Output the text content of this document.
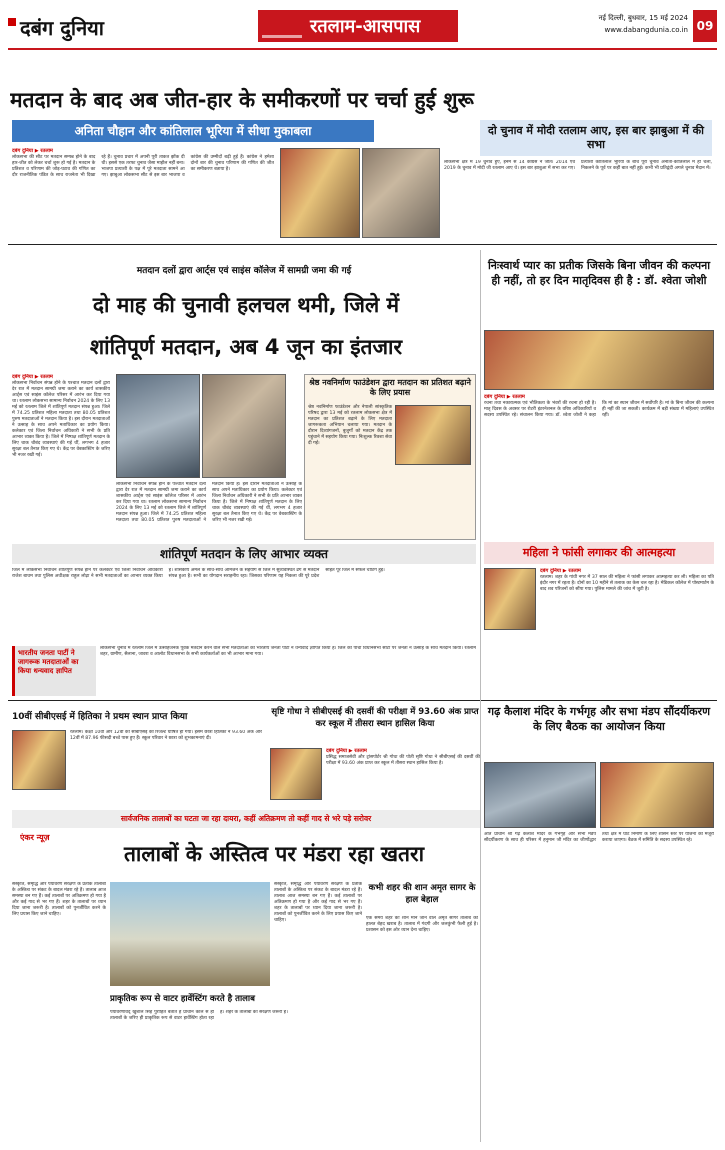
दबंग दुनिया	रतलाम-आसपास	नई दिल्ली, बुधवार, 15 मई 2024
www.dabangdunia.co.in 09
मतदान के बाद अब जीत-हार के समीकरणों पर चर्चा हुई शुरू
अनिता चौहान और कांतिलाल भूरिया में सीधा मुकाबला
दबंग दुनिया ▶ रतलाम
लोकसभा की सीट पर मतदान सम्पन्न होने के बाद हार-जीत को लेकर चर्चा शुरू हो गई है। मतदान के प्रतिशत व परिणाम की जोड़-घटाव की गणित का दौर राजनीतिक पंडित के साथ राजनेता भी दिखा रहे हैं। चुनाव प्रचार में अपनी पूरी ताकत झोंक दी थी। इससे एक तरफा चुनाव जैसा माहौल नहीं बना। भाजपा प्रत्याशी के पक्ष में पूरे मतदाता सामने आ गए। झाबुआ लोकसभा सीट से इस बार भाजपा व कांग्रेस की उम्मीदों बढ़ी हुई हैं। कांग्रेस ने हमेशा दोनों बार की चुनाव परिणाम की गणित की जीत का समीकरण बताया है।
दो चुनाव में मोदी रतलाम आए, इस बार झाबुआ में की सभा
लोकसभा क्षेत्र में 19 चुनाव हुए, इनमें से 14 कांग्रेस ने जीते। 2014 एवं 2019 के चुनाव में मोदी जी रतलाम आए थे। इस बार झाबुआ में सभा कर गए। प्रत्याशी कांतिलाल भूरिया के बीच पूरा चुनाव अनीता-कांतिलाल में ही चला, निकलने के पूर्व पर कहीं बात नहीं हुई। कभी भी प्रतिद्वंदी अगले चुनाव मैदान में।
मतदान दलों द्वारा आर्ट्स एवं साइंस कॉलेज में सामग्री जमा की गई
दो माह की चुनावी हलचल थमी, जिले में
शांतिपूर्ण मतदान, अब 4 जून का इंतजार
दबंग दुनिया ▶ रतलाम
लोकसभा निर्वाचन संपन्न होने के पश्चात मतदान दलों द्वारा देर रात में मतदान सामग्री जमा कराने का कार्य शासकीय आर्ट्स एवं साइंस कॉलेज परिसर में आरंभ कर दिया गया था। रतलाम लोकसभा सामान्य निर्वाचन 2024 के लिए 13 मई को रतलाम जिले में शांतिपूर्ण मतदान संपन्न हुआ। जिले में 74.25 प्रतिशत महिला मतदाता तथा 80.05 प्रतिशत पुरुष मतदाताओं ने मतदान किया है। इस दौरान मतदाताओं ने उत्साह के साथ अपने मताधिकार का प्रयोग किया। कलेक्टर एवं जिला निर्वाचन अधिकारी ने सभी के प्रति आभार व्यक्त किया है। जिले में निष्पक्ष शांतिपूर्ण मतदान के लिए चाक चौबंद व्यवस्थाएं की गई थीं, लगभग 4 हजार सुरक्षा बल तैनात किए गए थे। केंद्र पर वेबकास्टिंग के जरिए भी नजर रखी गई।
लोकसभा निर्वाचन संपन्न होने के पश्चात मतदान दलों द्वारा देर रात में मतदान सामग्री जमा कराने का कार्य शासकीय आर्ट्स एवं साइंस कॉलेज परिसर में आरंभ कर दिया गया था। रतलाम लोकसभा सामान्य निर्वाचन 2024 के लिए 13 मई को रतलाम जिले में शांतिपूर्ण मतदान संपन्न हुआ। जिले में 74.25 प्रतिशत महिला मतदाता तथा 80.05 प्रतिशत पुरुष मतदाताओं ने मतदान किया है। इस दौरान मतदाताओं ने उत्साह के साथ अपने मताधिकार का प्रयोग किया। कलेक्टर एवं जिला निर्वाचन अधिकारी ने सभी के प्रति आभार व्यक्त किया है। जिले में निष्पक्ष शांतिपूर्ण मतदान के लिए चाक चौबंद व्यवस्थाएं की गई थीं, लगभग 4 हजार सुरक्षा बल तैनात किए गए थे। केंद्र पर वेबकास्टिंग के जरिए भी नजर रखी गई।
श्रेष्ठ नवनिर्माण फाउंडेशन द्वारा मतदान का प्रतिशत बढ़ाने के लिए प्रयास
श्रेष्ठ नवनिर्माण फाउंडेशन और नेपाली सांस्कृतिक परिषद द्वारा 13 मई को रतलाम लोकसभा क्षेत्र में मतदान का प्रतिशत बढ़ाने के लिए मतदाता जागरूकता अभियान चलाया गया। मतदान के दौरान दिव्यांगजनों, बुजुर्गों को मतदान केंद्र तक पहुंचाने में सहयोग किया गया। निःशुल्क रिक्शा सेवा दी गई।
शांतिपूर्ण मतदान के लिए आभार व्यक्त
जिले में लोकसभा निर्वाचन शांतिपूर्ण संपन्न होने पर कलेक्टर एवं जिला निर्वाचन अधिकारी राजेश बाथम तथा पुलिस अधीक्षक राहुल लोढ़ा ने सभी मतदाताओं का आभार व्यक्त किया है। शासकीय अमले के साथ-साथ आमजन के सहयोग से जिले में सुव्यवस्थित ढंग से मतदान संपन्न हुआ है। सभी का योगदान सराहनीय रहा। जिसका परिणाम यह निकला की पूरे प्रदेश सहित पूरे जिले में सफल चोटिंग हुई।
भारतीय जनता पार्टी ने जागरूक मतदाताओं का किया धन्यवाद ज्ञापित
लोकसभा चुनाव में रतलाम जिले में उत्साहजनक पूर्वक मतदान करने वाले सभी मतदाताओं को भारतीय जनता पार्टी ने धन्यवाद ज्ञापित किया है। जिले की पांचों विधानसभा सीटों पर जनता ने उत्साह के साथ मतदान किया। रतलाम शहर, ग्रामीण, सैलाना, जावरा व आलोट विधानसभा के सभी कार्यकर्ताओं का भी आभार माना गया।
निःस्वार्थ प्यार का प्रतीक जिसके बिना जीवन की कल्पना ही नहीं, तो हर दिन मातृदिवस ही है : डॉ. श्वेता जोशी
दबंग दुनिया ▶ रतलाम
रचना तथा नकारात्मक एवं भौतिकता के भंवरों की रचना हो रही है। मातृ दिवस के अवसर पर रोटरी इंटरनेशनल के वरिष्ठ अधिकारियों व सदस्य उपस्थित रहे। संचालन किया गया। डॉ. श्वेता जोशी ने कहा कि मां का स्थान जीवन में सर्वोपरि है। मां के बिना जीवन की कल्पना ही नहीं की जा सकती। कार्यक्रम में बड़ी संख्या में महिलाएं उपस्थित रहीं।
महिला ने फांसी लगाकर की आत्महत्या
दबंग दुनिया ▶ रतलाम
रतलाम। शहर के गांधी नगर में 37 साल की महिला ने फांसी लगाकर आत्महत्या कर ली। महिला का पति इंदौर नगर में रहता है। दोनों का 10 महीने से तलाक का केस चल रहा है। मेडिकल कॉलेज में पोस्टमार्टम के बाद शव परिजनों को सौंपा गया। पुलिस मामले की जांच में जुटी है।
10वीं सीबीएसई में हितिका ने प्रथम स्थान प्राप्त किया
रतलाम। कक्षा 10वीं और 12वीं की सीबीएसई की रिजल्ट घोषित हो गया। इसमें छात्रा हितिका ने 93.60 अंक और 12वीं में 87.96 फीसदी बच्चे पास हुए हैं। स्कूल परिवार ने छात्रा को शुभकामनाएं दी।
सृष्टि गोधा ने सीबीएसई की दसवीं की परीक्षा में 93.60 अंक प्राप्त कर स्कूल में तीसरा स्थान हासिल किया
दबंग दुनिया ▶ रतलाम
प्रसिद्ध समाजसेवी और ट्रांसपोर्टर श्री गोधा की पोती सृष्टि गोधा ने सीबीएसई की दसवीं की परीक्षा में 93.60 अंक प्राप्त कर स्कूल में तीसरा स्थान हासिल किया है।
गढ़ कैलाश मंदिर के गर्भगृह और सभा मंडप सौंदर्यीकरण के लिए बैठक का आयोजन किया
अति प्राचीन श्री गढ़ कैलाश मंदिर के गर्भगृह और सभा मंडप सौंदर्यीकरण के साथ ही परिसर में हनुमान जी मंदिर का जीर्णोद्धार तथा क्षेत्र में घाट निर्माण के लिए शासन स्तर पर योजना को मंजूरी कराया जाएगा। बैठक में समिति के सदस्य उपस्थित रहे।
सार्वजनिक तालाबों का घटता जा रहा दायरा, कहीं अतिक्रमण तो कहीं गाद से भरे पड़े सरोवर
एंकर न्यूज़
तालाबों के अस्तित्व पर मंडरा रहा खतरा
संस्कृति, समृद्धि और पर्यावरण संरक्षण के प्रतीक तालाबों के अस्तित्व पर संकट के बादल मंडरा रहे हैं। तालाब आज समस्या बन गए हैं। कई तालाबों पर अतिक्रमण हो गया है और कई गाद से भर गए हैं। शहर के तालाबों पर ध्यान दिया जाना जरूरी है। तालाबों को पुनर्जीवित करने के लिए प्रयास किए जाने चाहिए।
प्राकृतिक रूप से वाटर हार्वेस्टिंग करते है तालाब
पर्यावरणविद् खुशाल सिंह पुरोहित बताते हैं प्राचीन काल से ही तालाबों के जरिए ही प्राकृतिक रूप से वाटर हार्वेस्टिंग होता रहा है। शहर के तालाबों का संरक्षण जरूरी है।
संस्कृति, समृद्धि और पर्यावरण संरक्षण के प्रतीक तालाबों के अस्तित्व पर संकट के बादल मंडरा रहे हैं। तालाब आज समस्या बन गए हैं। कई तालाबों पर अतिक्रमण हो गया है और कई गाद से भर गए हैं। शहर के तालाबों पर ध्यान दिया जाना जरूरी है। तालाबों को पुनर्जीवित करने के लिए प्रयास किए जाने चाहिए।
कभी शहर की शान अमृत सागर के हाल बेहाल
एक समय शहर की शान माने जाने वाले अमृत सागर तालाब की हालत बेहद खराब है। तालाब में गंदगी और जलकुंभी फैली हुई है। प्रशासन को इस ओर ध्यान देना चाहिए।
